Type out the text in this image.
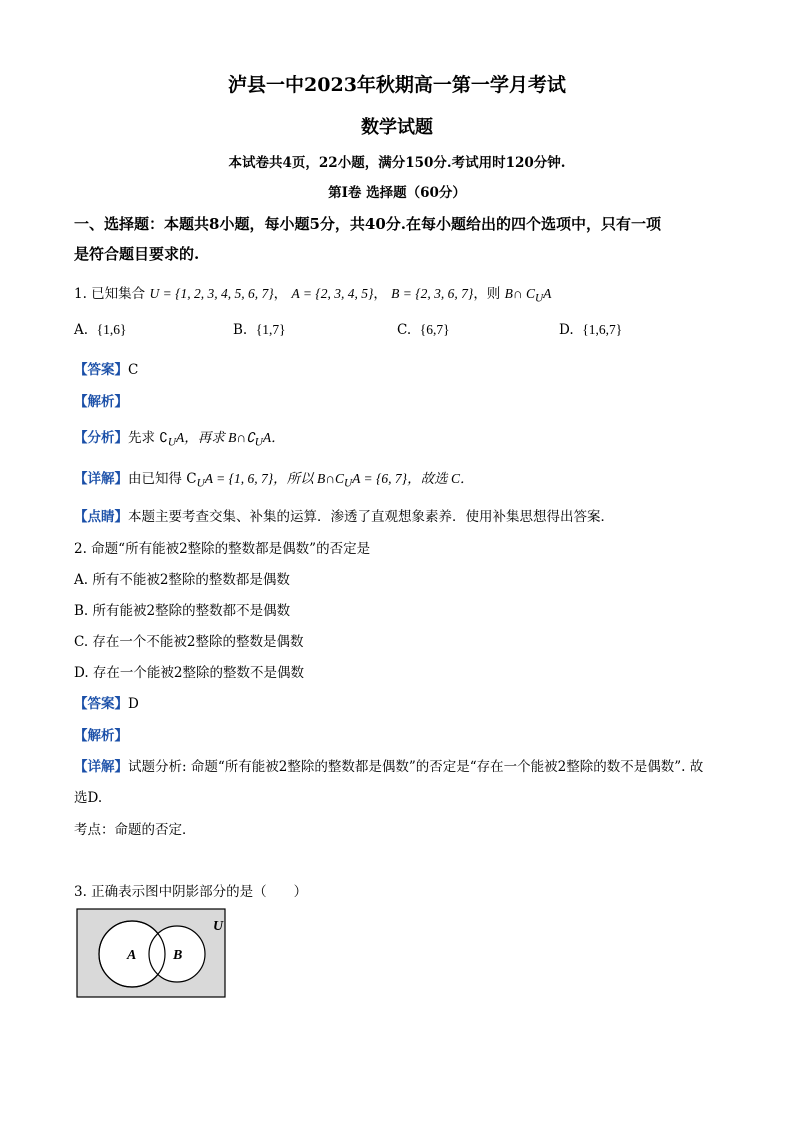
泸县一中2023年秋期高一第一学月考试
数学试题
本试卷共4页，22小题，满分150分.考试用时120分钟.
第I卷 选择题（60分）
一、选择题：本题共8小题，每小题5分，共40分.在每小题给出的四个选项中，只有一项
是符合题目要求的.
1. 已知集合 U = {1, 2, 3, 4, 5, 6, 7}， A = {2, 3, 4, 5}， B = {2, 3, 6, 7}，则 B∩ $C_UA$
A. {1,6}	B. {1,7}	C. {6,7}	D. {1,6,7}
【答案】C
【解析】
【分析】先求 $∁_UA$，再求 $B\cap∁_UA$．
【详解】由已知得 $C_UA = \{1$, 6, 7}，所以 $B\cap C_UA = \{6$, 7}，故选 C．
【点睛】本题主要考查交集、补集的运算．渗透了直观想象素养．使用补集思想得出答案．
2. 命题“所有能被2整除的整数都是偶数”的否定是
A. 所有不能被2整除的整数都是偶数
B. 所有能被2整除的整数都不是偶数
C. 存在一个不能被2整除的整数是偶数
D. 存在一个能被2整除的整数不是偶数
【答案】D
【解析】
【详解】试题分析: 命题“所有能被2整除的整数都是偶数”的否定是“存在一个能被2整除的数不是偶数”. 故
选D.
考点：命题的否定．
3. 正确表示图中阴影部分的是（　　）
U
A	B
